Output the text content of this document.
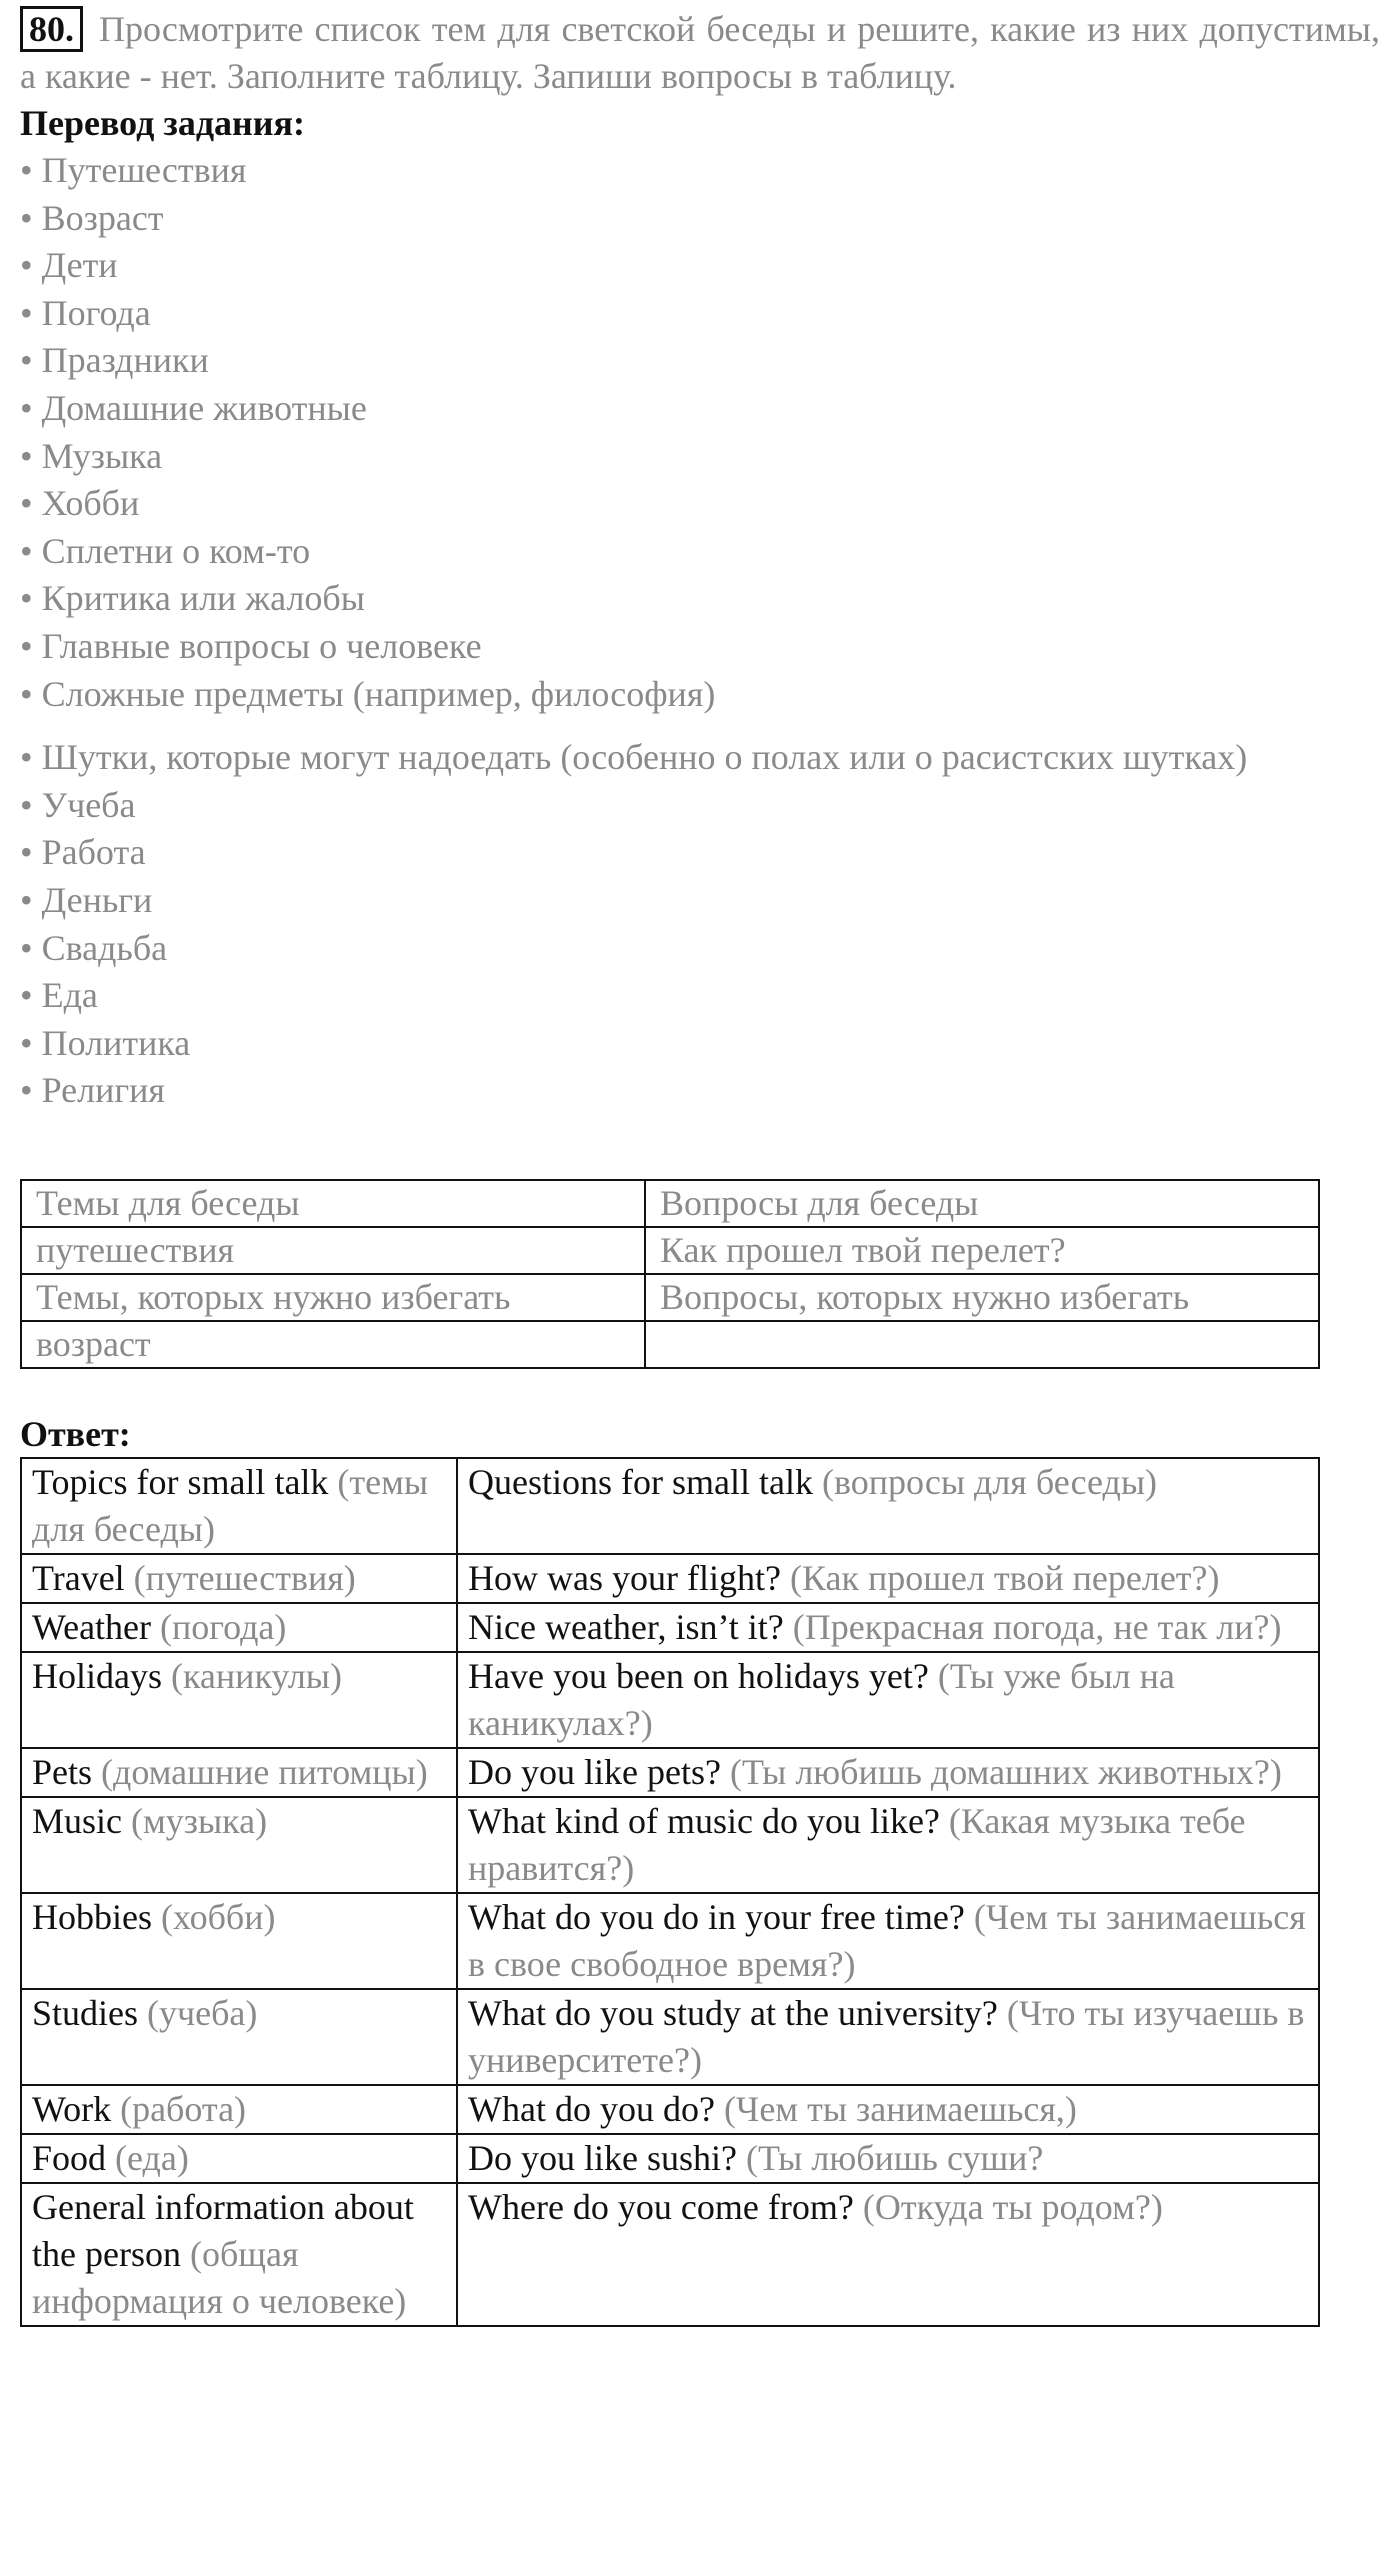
80. Просмотрите список тем для светской беседы и решите, какие из них допустимы, а какие - нет. Заполните таблицу. Запиши вопросы в таблицу.
Перевод задания:
• Путешествия
• Возраст
• Дети
• Погода
• Праздники
• Домашние животные
• Музыка
• Хобби
• Сплетни о ком-то
• Критика или жалобы
• Главные вопросы о человеке
• Сложные предметы (например, философия)
• Шутки, которые могут надоедать (особенно о полах или о расистских шутках)
• Учеба
• Работа
• Деньги
• Свадьба
• Еда
• Политика
• Религия
Темы для беседы	Вопросы для беседы
путешествия	Как прошел твой перелет?
Темы, которых нужно избегать	Вопросы, которых нужно избегать
возраст	
Ответ:
Topics for small talk (темы для беседы)	Questions for small talk (вопросы для беседы)
Travel (путешествия)	How was your flight? (Как прошел твой перелет?)
Weather (погода)	Nice weather, isn’t it? (Прекрасная погода, не так ли?)
Holidays (каникулы)	Have you been on holidays yet? (Ты уже был на каникулах?)
Pets (домашние питомцы)	Do you like pets? (Ты любишь домашних животных?)
Music (музыка)	What kind of music do you like? (Какая музыка тебе нравится?)
Hobbies (хобби)	What do you do in your free time? (Чем ты занимаешься в свое свободное время?)
Studies (учеба)	What do you study at the university? (Что ты изучаешь в университете?)
Work (работа)	What do you do? (Чем ты занимаешься,)
Food (еда)	Do you like sushi? (Ты любишь суши?
General information about the person (общая информация о человеке)	Where do you come from? (Откуда ты родом?)
